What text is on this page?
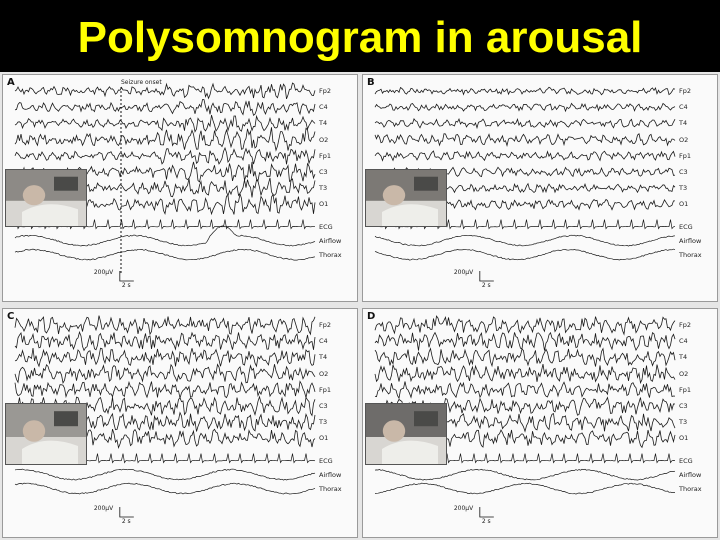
Polysomnogram in arousal
A	Seizure onset
Fp2
C4
T4
O2
Fp1
C3
T3
O1
ECG
Airflow
Thorax
200µV
2 s
B
Fp2
C4
T4
O2
Fp1
C3
T3
O1
ECG
Airflow
Thorax
200µV
2 s
C
Fp2
C4
T4
O2
Fp1
C3
T3
O1
ECG
Airflow
Thorax
200µV
2 s
D
Fp2
C4
T4
O2
Fp1
C3
T3
O1
ECG
Airflow
Thorax
200µV
2 s
